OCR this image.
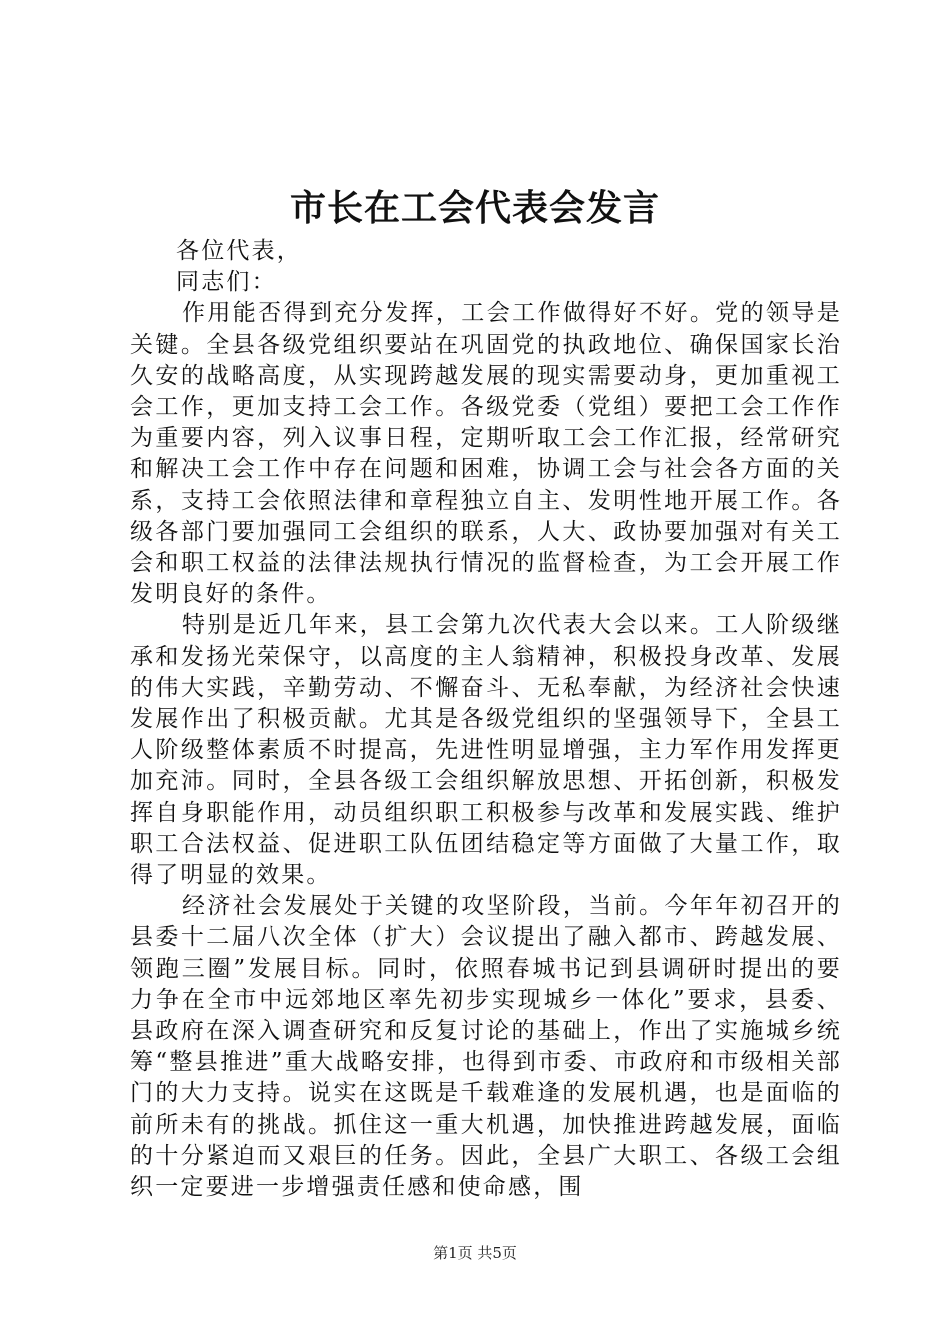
市长在工会代表会发言

各位代表，

同志们：

作用能否得到充分发挥，工会工作做得好不好。党的领导是关键。全县各级党组织要站在巩固党的执政地位、确保国家长治久安的战略高度，从实现跨越发展的现实需要动身，更加重视工会工作，更加支持工会工作。各级党委（党组）要把工会工作作为重要内容，列入议事日程，定期听取工会工作汇报，经常研究和解决工会工作中存在问题和困难，协调工会与社会各方面的关系，支持工会依照法律和章程独立自主、发明性地开展工作。各级各部门要加强同工会组织的联系，人大、政协要加强对有关工会和职工权益的法律法规执行情况的监督检查，为工会开展工作发明良好的条件。

特别是近几年来，县工会第九次代表大会以来。工人阶级继承和发扬光荣保守，以高度的主人翁精神，积极投身改革、发展的伟大实践，辛勤劳动、不懈奋斗、无私奉献，为经济社会快速发展作出了积极贡献。尤其是各级党组织的坚强领导下，全县工人阶级整体素质不时提高，先进性明显增强，主力军作用发挥更加充沛。同时，全县各级工会组织解放思想、开拓创新，积极发挥自身职能作用，动员组织职工积极参与改革和发展实践、维护职工合法权益、促进职工队伍团结稳定等方面做了大量工作，取得了明显的效果。

经济社会发展处于关键的攻坚阶段，当前。今年年初召开的县委十二届八次全体（扩大）会议提出了融入都市、跨越发展、领跑三圈”发展目标。同时，依照春城书记到县调研时提出的要力争在全市中远郊地区率先初步实现城乡一体化”要求，县委、县政府在深入调查研究和反复讨论的基础上，作出了实施城乡统筹“整县推进”重大战略安排，也得到市委、市政府和市级相关部门的大力支持。说实在这既是千载难逢的发展机遇，也是面临的前所未有的挑战。抓住这一重大机遇，加快推进跨越发展，面临的十分紧迫而又艰巨的任务。因此，全县广大职工、各级工会组织一定要进一步增强责任感和使命感，围

第1页 共5页
